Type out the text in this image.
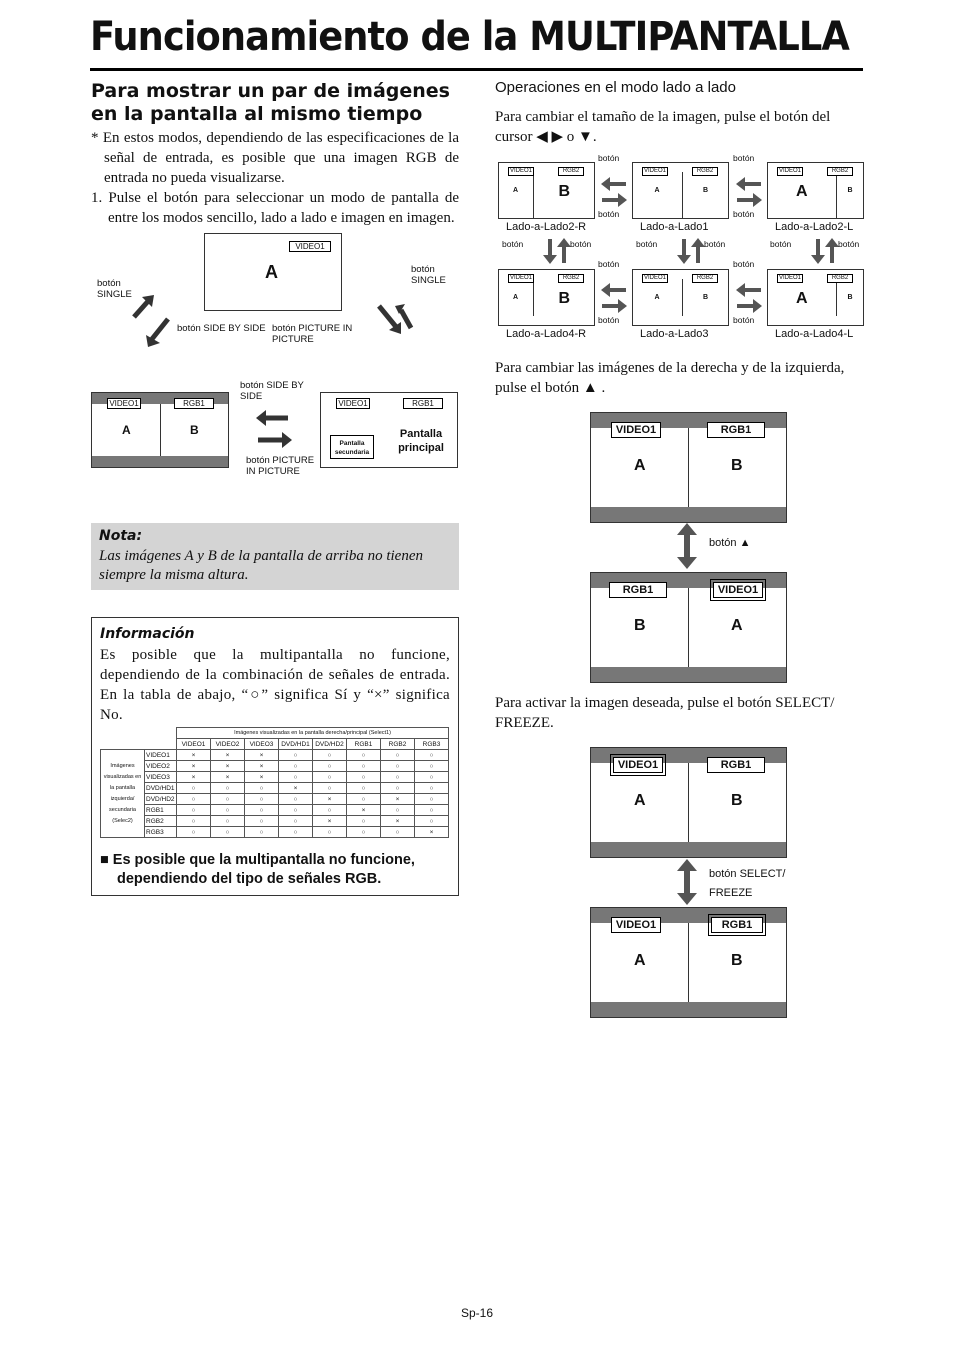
Funcionamiento de la MULTIPANTALLA
Para mostrar un par de imágenes
en la pantalla al mismo tiempo
* En estos modos, dependiendo de las especificaciones de la señal de entrada, es posible que una imagen RGB de entrada no pueda visualizarse.
1. Pulse el botón para seleccionar un modo de pantalla de entre los modos sencillo, lado a lado e imagen en imagen.
VIDEO1
A
botón SINGLE
botón SINGLE
botón SIDE BY SIDE botón PICTURE IN PICTURE
VIDEO1	RGB1
A	B
botón SIDE BY SIDE
botón PICTURE IN PICTURE
VIDEO1	RGB1
Pantalla secundaria
Pantalla principal
Nota:
Las imágenes A y B de la pantalla de arriba no tienen siempre la misma altura.
Información
Es posible que la multipantalla no funcione, dependiendo de la combinación de señales de entrada. En la tabla de abajo, “○” significa Sí y “×” significa No.
		Imágenes visualizadas en la pantalla derecha/principal (Select1)							
		VIDEO1	VIDEO2	VIDEO3	DVD/HD1	DVD/HD2	RGB1	RGB2	RGB3
Imágenes visualizadas en la pantalla izquierda/ secundaria (Selec2)	VIDEO1	×	×	×	○	○	○	○	○
	VIDEO2	×	×	×	○	○	○	○	○
	VIDEO3	×	×	×	○	○	○	○	○
	DVD/HD1	○	○	○	×	○	○	○	○
	DVD/HD2	○	○	○	○	×	○	×	○
	RGB1	○	○	○	○	○	×	○	○
	RGB2	○	○	○	○	×	○	×	○
	RGB3	○	○	○	○	○	○	○	×
■ Es posible que la multipantalla no funcione, dependiendo del tipo de señales RGB.
Operaciones en el modo lado a lado
Para cambiar el tamaño de la imagen, pulse el botón del cursor ◀ ▶ o ▼.
VIDEO1	RGB2
A	B
Lado-a-Lado2-R
VIDEO1	RGB2
A	B
Lado-a-Lado1
VIDEO1	RGB2
A	B
Lado-a-Lado2-L
VIDEO1	RGB2
A	B
Lado-a-Lado4-R
VIDEO1	RGB2
A	B
Lado-a-Lado3
VIDEO1	RGB2
A	B
Lado-a-Lado4-L
botón
botón
botón
botón
botón
botón
botón
botón
botón	botón	botón	botón	botón	botón
Para cambiar las imágenes de la derecha y de la izquierda, pulse el botón ▲ .
VIDEO1	RGB1
A	B
botón ▲
RGB1	VIDEO1
B	A
Para activar la imagen deseada, pulse el botón SELECT/ FREEZE.
VIDEO1	RGB1
A	B
botón SELECT/ FREEZE
VIDEO1	RGB1
A	B
Sp-16
